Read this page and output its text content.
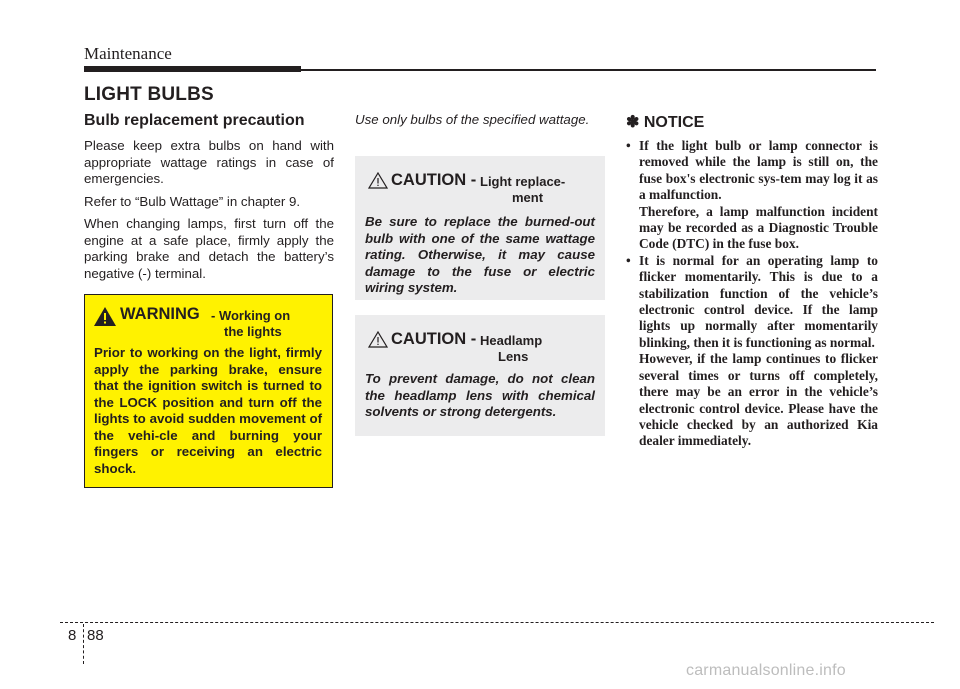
Maintenance
LIGHT BULBS
Bulb replacement precaution

Please keep extra bulbs on hand with appropriate wattage ratings in case of emergencies.

Refer to “Bulb Wattage” in chapter 9.

When changing lamps, first turn off the engine at a safe place, firmly apply the parking brake and detach the battery’s negative (-) terminal.

WARNING - Working on
the lights

Prior to working on the light, firmly apply the parking brake, ensure that the ignition switch is turned to the LOCK position and turn off the lights to avoid sudden movement of the vehi-cle and burning your fingers or receiving an electric shock.

Use only bulbs of the specified wattage.

CAUTION - Light replace-
ment

Be sure to replace the burned-out bulb with one of the same wattage rating. Otherwise, it may cause damage to the fuse or electric wiring system.

CAUTION - Headlamp
Lens

To prevent damage, do not clean the headlamp lens with chemical solvents or strong detergents.

✽ NOTICE
• If the light bulb or lamp connector is removed while the lamp is still on, the fuse box's electronic sys-tem may log it as a malfunction.

Therefore, a lamp malfunction incident may be recorded as a Diagnostic Trouble Code (DTC) in the fuse box.

• It is normal for an operating lamp to flicker momentarily. This is due to a stabilization function of the vehicle’s electronic control device. If the lamp lights up normally after momentarily blinking, then it is functioning as normal.

However, if the lamp continues to flicker several times or turns off completely, there may be an error in the vehicle’s electronic control device. Please have the vehicle checked by an authorized Kia dealer immediately.

8 88
carmanualsonline.info
